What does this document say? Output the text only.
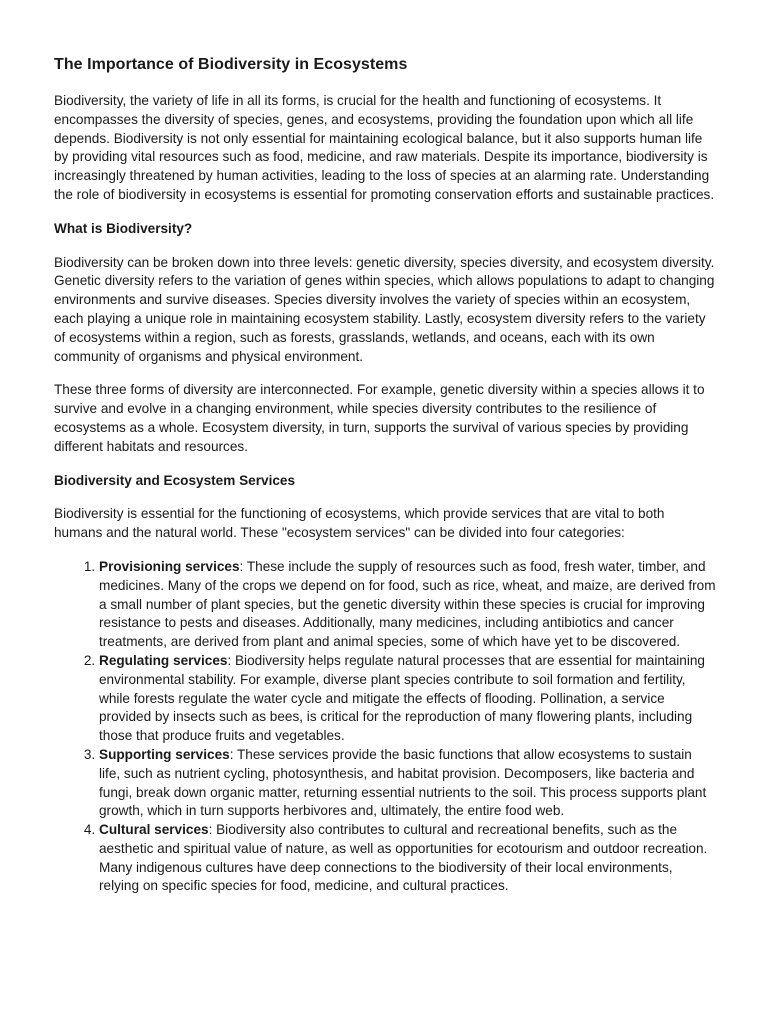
The Importance of Biodiversity in Ecosystems

Biodiversity, the variety of life in all its forms, is crucial for the health and functioning of ecosystems. It encompasses the diversity of species, genes, and ecosystems, providing the foundation upon which all life depends. Biodiversity is not only essential for maintaining ecological balance, but it also supports human life by providing vital resources such as food, medicine, and raw materials. Despite its importance, biodiversity is increasingly threatened by human activities, leading to the loss of species at an alarming rate. Understanding the role of biodiversity in ecosystems is essential for promoting conservation efforts and sustainable practices.

What is Biodiversity?

Biodiversity can be broken down into three levels: genetic diversity, species diversity, and ecosystem diversity. Genetic diversity refers to the variation of genes within species, which allows populations to adapt to changing environments and survive diseases. Species diversity involves the variety of species within an ecosystem, each playing a unique role in maintaining ecosystem stability. Lastly, ecosystem diversity refers to the variety of ecosystems within a region, such as forests, grasslands, wetlands, and oceans, each with its own community of organisms and physical environment.

These three forms of diversity are interconnected. For example, genetic diversity within a species allows it to survive and evolve in a changing environment, while species diversity contributes to the resilience of ecosystems as a whole. Ecosystem diversity, in turn, supports the survival of various species by providing different habitats and resources.

Biodiversity and Ecosystem Services

Biodiversity is essential for the functioning of ecosystems, which provide services that are vital to both humans and the natural world. These "ecosystem services" can be divided into four categories:

1. Provisioning services: These include the supply of resources such as food, fresh water, timber, and medicines. Many of the crops we depend on for food, such as rice, wheat, and maize, are derived from a small number of plant species, but the genetic diversity within these species is crucial for improving resistance to pests and diseases. Additionally, many medicines, including antibiotics and cancer treatments, are derived from plant and animal species, some of which have yet to be discovered.
2. Regulating services: Biodiversity helps regulate natural processes that are essential for maintaining environmental stability. For example, diverse plant species contribute to soil formation and fertility, while forests regulate the water cycle and mitigate the effects of flooding. Pollination, a service provided by insects such as bees, is critical for the reproduction of many flowering plants, including those that produce fruits and vegetables.
3. Supporting services: These services provide the basic functions that allow ecosystems to sustain life, such as nutrient cycling, photosynthesis, and habitat provision. Decomposers, like bacteria and fungi, break down organic matter, returning essential nutrients to the soil. This process supports plant growth, which in turn supports herbivores and, ultimately, the entire food web.
4. Cultural services: Biodiversity also contributes to cultural and recreational benefits, such as the aesthetic and spiritual value of nature, as well as opportunities for ecotourism and outdoor recreation. Many indigenous cultures have deep connections to the biodiversity of their local environments, relying on specific species for food, medicine, and cultural practices.
